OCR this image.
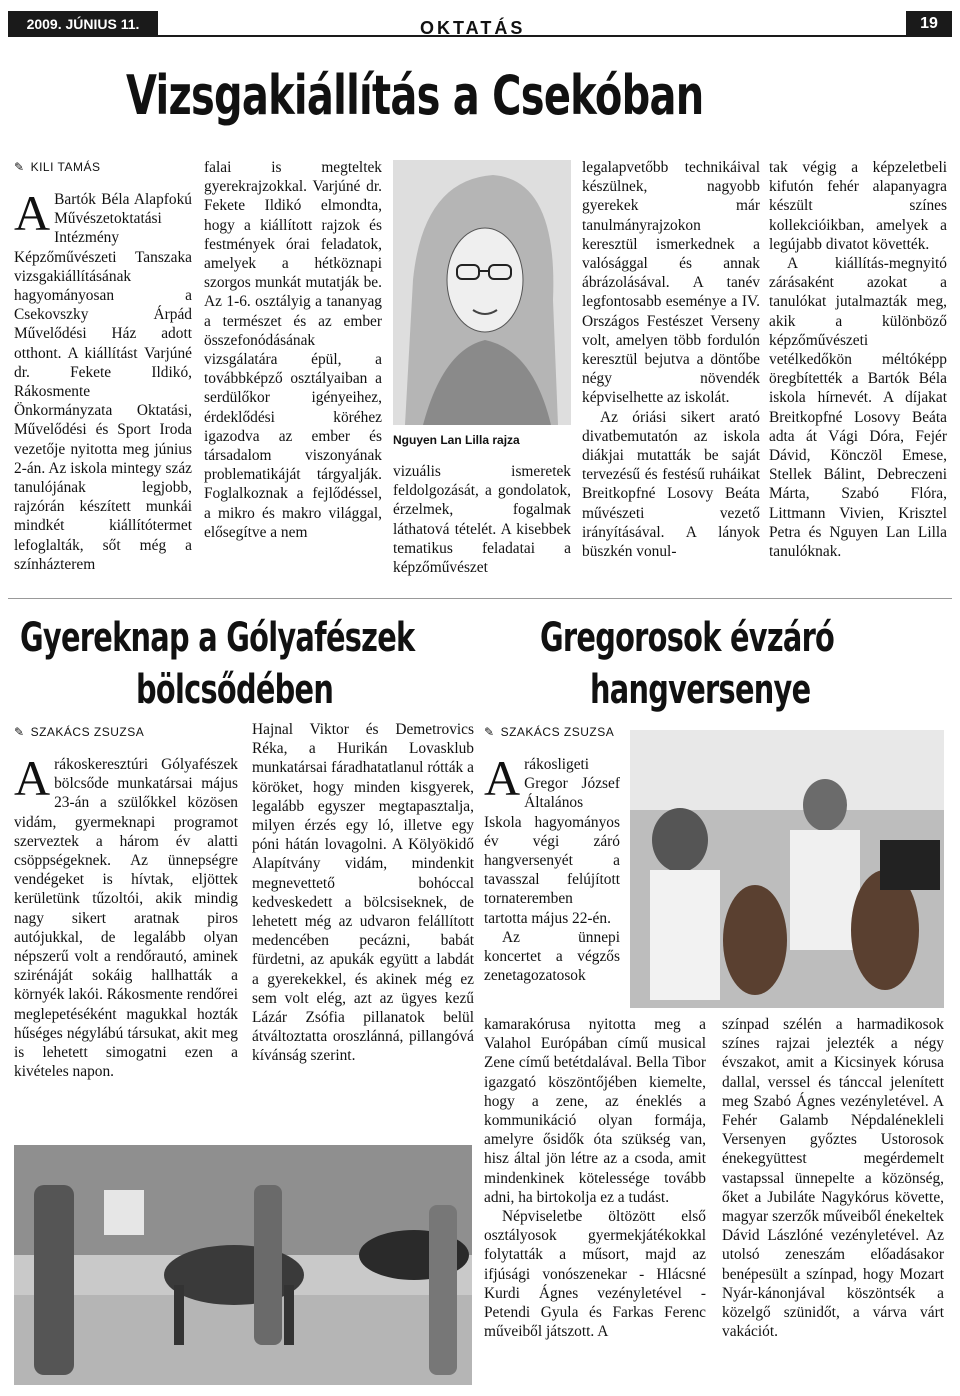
2009. JÚNIUS 11.	OKTATÁS	19
Vizsgakiállítás a Csekóban
✎ KILI TAMÁS
A Bartók Béla Alapfokú Művészetoktatási Intézmény Képzőművészeti Tanszaka vizsgakiállításának hagyományosan a Csekovszky Árpád Művelődési Ház adott otthont. A kiállítást Varjúné dr. Fekete Ildikó, Rákosmente Önkormányzata Oktatási, Művelődési és Sport Iroda vezetője nyitotta meg június 2-án. Az iskola mintegy száz tanulójának legjobb, rajzórán készített munkái mindkét kiállítótermet lefoglalták, sőt még a színházterem
falai is megteltek gyerekrajzokkal. Varjúné dr. Fekete Ildikó elmondta, hogy a kiállított rajzok és festmények órai feladatok, amelyek a hétköznapi szorgos munkát mutatják be. Az 1-6. osztályig a tananyag a természet és az ember összefonódásának vizsgálatára épül, a továbbképző osztályaiban a serdülőkor igényeihez, érdeklődési köréhez igazodva az ember és társadalom viszonyának problematikáját tárgyalják. Foglalkoznak a fejlődéssel, a mikro és makro világgal, elősegítve a nem
Nguyen Lan Lilla rajza
vizuális ismeretek feldolgozását, a gondolatok, érzelmek, fogalmak láthatová tételét. A kisebbek tematikus feladatai a képzőművészet

legalapvetőbb technikáival készülnek, nagyobb gyerekek már tanulmányrajzokon keresztül ismerkednek a valósággal és annak ábrázolásával. A tanév legfontosabb eseménye a IV. Országos Festészet Verseny volt, amelyen több fordulón keresztül bejutva a döntőbe négy növendék képviselhette az iskolát.

Az óriási sikert arató divatbemutatón az iskola diákjai mutatták be saját tervezésű és festésű ruháikat Breitkopfné Losovy Beáta művészeti vezető irányításával. A lányok büszkén vonul-

tak végig a képzeletbeli kifutón fehér alapanyagra készült színes kollekcióikban, amelyek a legújabb divatot követték.

A kiállítás-megnyitó zárásaként azokat a tanulókat jutalmazták meg, akik a különböző képzőművészeti vetélkedőkön méltóképp öregbítették a Bartók Béla iskola hírnevét. A díjakat Breitkopfné Losovy Beáta adta át Vági Dóra, Fejér Dávid, Könczöl Emese, Stellek Bálint, Debreczeni Márta, Szabó Flóra, Littmann Vivien, Krisztel Petra és Nguyen Lan Lilla tanulóknak.

Gyereknap a Gólyafészek
bölcsődében
✎ SZAKÁCS ZSUZSA
A rákoskeresztúri Gólyafészek bölcsőde munkatársai május 23-án a szülőkkel közösen vidám, gyermeknapi programot szerveztek a három év alatti csöppségeknek. Az ünnepségre vendégeket is hívtak, eljöttek kerületünk tűzoltói, akik mindig nagy sikert aratnak piros autójukkal, de legalább olyan népszerű volt a rendőrautó, aminek szirénáját sokáig hallhatták a környék lakói. Rákosmente rendőrei meglepetéséként magukkal hozták hűséges négylábú társukat, akit meg is lehetett simogatni ezen a kivételes napon.
Hajnal Viktor és Demetrovics Réka, a Hurikán Lovasklub munkatársai fáradhatatlanul rótták a köröket, hogy minden kisgyerek, legalább egyszer megtapasztalja, milyen érzés egy ló, illetve egy póni hátán lovagolni. A Kölyökidő Alapítvány vidám, mindenkit megnevettető bohóccal kedveskedett a bölcsiseknek, de lehetett még az udvaron felállított medencében pecázni, babát fürdetni, az apukák együtt a labdát a gyerekekkel, és akinek még ez sem volt elég, azt az ügyes kezű Lázár Zsófia pillanatok belül átváltoztatta oroszlánná, pillangóvá kívánság szerint.
Gregorosok évzáró
hangversenye
✎ SZAKÁCS ZSUZSA
A rákosligeti Gregor József Általános Iskola hagyományos év végi záró hangversenyét a tavasszal felújított tornateremben tartotta május 22-én.

Az ünnepi koncertet a végzős zenetagozatosok

kamarakórusa nyitotta meg a Valahol Európában című musical Zene című betétdalával. Bella Tibor igazgató köszöntőjében kiemelte, hogy a zene, az éneklés a kommunikáció olyan formája, amelyre ősidők óta szükség van, hisz által jön létre az a csoda, amit mindenkinek kötelessége tovább adni, ha birtokolja ez a tudást.

Népviseletbe öltözött első osztályosok gyermekjátékokkal folytatták a műsort, majd az ifjúsági vonószenekar - Hlácsné Kurdi Ágnes vezényletével - Petendi Gyula és Farkas Ferenc műveiből játszott. A

színpad szélén a harmadikosok színes rajzai jelezték a négy évszakot, amit a Kicsinyek kórusa dallal, verssel és tánccal jelenített meg Szabó Ágnes vezényletével. A Fehér Galamb Népdalénekleli Versenyen győztes Ustorosok énekegyüttest megérdemelt vastapssal ünnepelte a közönség, őket a Jubiláte Nagykórus követte, magyar szerzők műveiből énekeltek Dávid Lászlóné vezényletével. Az utolsó zeneszám előadásakor benépesült a színpad, hogy Mozart Nyár-kánonjával köszöntsék a közelgő szünidőt, a várva várt vakációt.
